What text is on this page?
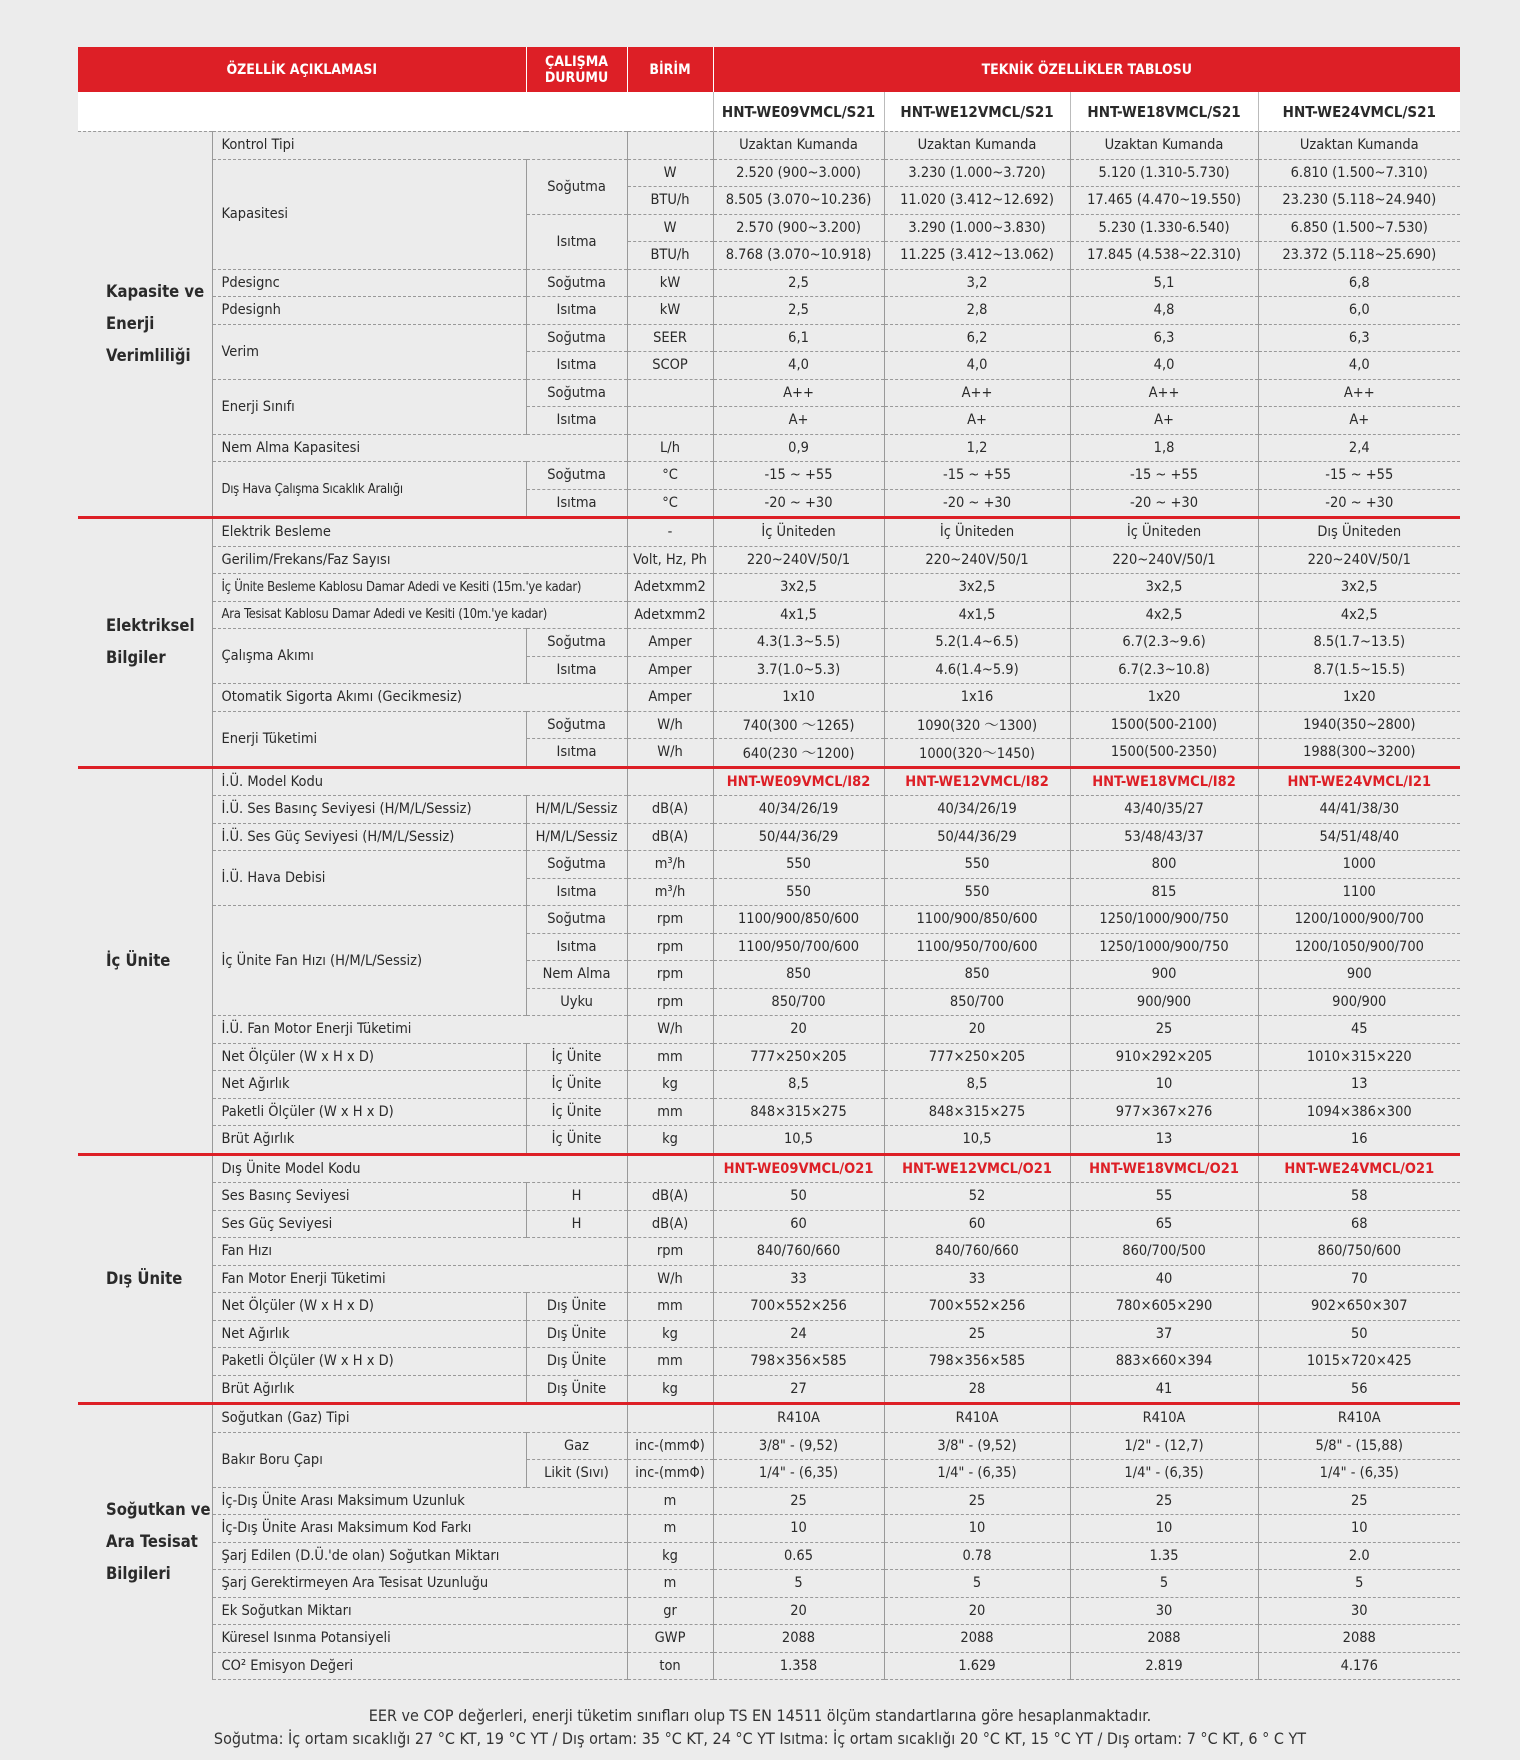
ÖZELLİK AÇIKLAMASI		ÇALIŞMA DURUMU	BİRİM	TEKNİK ÖZELLİKLER TABLOSU			
				HNT-WE09VMCL/S21	HNT-WE12VMCL/S21	HNT-WE18VMCL/S21	HNT-WE24VMCL/S21
Kapasite ve Enerji Verimliliği	Kontrol Tipi			Uzaktan Kumanda	Uzaktan Kumanda	Uzaktan Kumanda	Uzaktan Kumanda
	Kapasitesi	Soğutma	W	2.520 (900~3.000)	3.230 (1.000~3.720)	5.120 (1.310-5.730)	6.810 (1.500~7.310)
			BTU/h	8.505 (3.070~10.236)	11.020 (3.412~12.692)	17.465 (4.470~19.550)	23.230 (5.118~24.940)
		Isıtma	W	2.570 (900~3.200)	3.290 (1.000~3.830)	5.230 (1.330-6.540)	6.850 (1.500~7.530)
			BTU/h	8.768 (3.070~10.918)	11.225 (3.412~13.062)	17.845 (4.538~22.310)	23.372 (5.118~25.690)
	Pdesignc	Soğutma	kW	2,5	3,2	5,1	6,8
	Pdesignh	Isıtma	kW	2,5	2,8	4,8	6,0
	Verim	Soğutma	SEER	6,1	6,2	6,3	6,3
		Isıtma	SCOP	4,0	4,0	4,0	4,0
	Enerji Sınıfı	Soğutma		A++	A++	A++	A++
		Isıtma		A+	A+	A+	A+
	Nem Alma Kapasitesi		L/h	0,9	1,2	1,8	2,4
	Dış Hava Çalışma Sıcaklık Aralığı	Soğutma	°C	-15 ~ +55	-15 ~ +55	-15 ~ +55	-15 ~ +55
		Isıtma	°C	-20 ~ +30	-20 ~ +30	-20 ~ +30	-20 ~ +30
Elektriksel Bilgiler	Elektrik Besleme		-	İç Üniteden	İç Üniteden	İç Üniteden	Dış Üniteden
	Gerilim/Frekans/Faz Sayısı		Volt, Hz, Ph	220~240V/50/1	220~240V/50/1	220~240V/50/1	220~240V/50/1
	İç Ünite Besleme Kablosu Damar Adedi ve Kesiti (15m.'ye kadar)		Adetxmm2	3x2,5	3x2,5	3x2,5	3x2,5
	Ara Tesisat Kablosu Damar Adedi ve Kesiti (10m.'ye kadar)		Adetxmm2	4x1,5	4x1,5	4x2,5	4x2,5
	Çalışma Akımı	Soğutma	Amper	4.3(1.3~5.5)	5.2(1.4~6.5)	6.7(2.3~9.6)	8.5(1.7~13.5)
		Isıtma	Amper	3.7(1.0~5.3)	4.6(1.4~5.9)	6.7(2.3~10.8)	8.7(1.5~15.5)
	Otomatik Sigorta Akımı (Gecikmesiz)		Amper	1x10	1x16	1x20	1x20
	Enerji Tüketimi	Soğutma	W/h	740(300 ～1265)	1090(320 ～1300)	1500(500-2100)	1940(350~2800)
		Isıtma	W/h	640(230 ～1200)	1000(320～1450)	1500(500-2350)	1988(300~3200)
İç Ünite	İ.Ü. Model Kodu			HNT-WE09VMCL/I82	HNT-WE12VMCL/I82	HNT-WE18VMCL/I82	HNT-WE24VMCL/I21
	İ.Ü. Ses Basınç Seviyesi (H/M/L/Sessiz)	H/M/L/Sessiz	dB(A)	40/34/26/19	40/34/26/19	43/40/35/27	44/41/38/30
	İ.Ü. Ses Güç Seviyesi (H/M/L/Sessiz)	H/M/L/Sessiz	dB(A)	50/44/36/29	50/44/36/29	53/48/43/37	54/51/48/40
	İ.Ü. Hava Debisi	Soğutma	m³/h	550	550	800	1000
		Isıtma	m³/h	550	550	815	1100
	İç Ünite Fan Hızı (H/M/L/Sessiz)	Soğutma	rpm	1100/900/850/600	1100/900/850/600	1250/1000/900/750	1200/1000/900/700
		Isıtma	rpm	1100/950/700/600	1100/950/700/600	1250/1000/900/750	1200/1050/900/700
		Nem Alma	rpm	850	850	900	900
		Uyku	rpm	850/700	850/700	900/900	900/900
	İ.Ü. Fan Motor Enerji Tüketimi		W/h	20	20	25	45
	Net Ölçüler (W x H x D)	İç Ünite	mm	777×250×205	777×250×205	910×292×205	1010×315×220
	Net Ağırlık	İç Ünite	kg	8,5	8,5	10	13
	Paketli Ölçüler (W x H x D)	İç Ünite	mm	848×315×275	848×315×275	977×367×276	1094×386×300
	Brüt Ağırlık	İç Ünite	kg	10,5	10,5	13	16
Dış Ünite	Dış Ünite Model Kodu			HNT-WE09VMCL/O21	HNT-WE12VMCL/O21	HNT-WE18VMCL/O21	HNT-WE24VMCL/O21
	Ses Basınç Seviyesi	H	dB(A)	50	52	55	58
	Ses Güç Seviyesi	H	dB(A)	60	60	65	68
	Fan Hızı		rpm	840/760/660	840/760/660	860/700/500	860/750/600
	Fan Motor Enerji Tüketimi		W/h	33	33	40	70
	Net Ölçüler (W x H x D)	Dış Ünite	mm	700×552×256	700×552×256	780×605×290	902×650×307
	Net Ağırlık	Dış Ünite	kg	24	25	37	50
	Paketli Ölçüler (W x H x D)	Dış Ünite	mm	798×356×585	798×356×585	883×660×394	1015×720×425
	Brüt Ağırlık	Dış Ünite	kg	27	28	41	56
Soğutkan ve Ara Tesisat Bilgileri	Soğutkan (Gaz) Tipi			R410A	R410A	R410A	R410A
	Bakır Boru Çapı	Gaz	inc-(mmΦ)	3/8" - (9,52)	3/8" - (9,52)	1/2" - (12,7)	5/8" - (15,88)
		Likit (Sıvı)	inc-(mmΦ)	1/4" - (6,35)	1/4" - (6,35)	1/4" - (6,35)	1/4" - (6,35)
	İç-Dış Ünite Arası Maksimum Uzunluk		m	25	25	25	25
	İç-Dış Ünite Arası Maksimum Kod Farkı		m	10	10	10	10
	Şarj Edilen (D.Ü.'de olan) Soğutkan Miktarı		kg	0.65	0.78	1.35	2.0
	Şarj Gerektirmeyen Ara Tesisat Uzunluğu		m	5	5	5	5
	Ek Soğutkan Miktarı		gr	20	20	30	30
	Küresel Isınma Potansiyeli		GWP	2088	2088	2088	2088
	CO² Emisyon Değeri		ton	1.358	1.629	2.819	4.176
EER ve COP değerleri, enerji tüketim sınıfları olup TS EN 14511 ölçüm standartlarına göre hesaplanmaktadır.
Soğutma: İç ortam sıcaklığı 27 °C KT, 19 °C YT / Dış ortam: 35 °C KT, 24 °C YT Isıtma: İç ortam sıcaklığı 20 °C KT, 15 °C YT / Dış ortam: 7 °C KT, 6 ° C YT
